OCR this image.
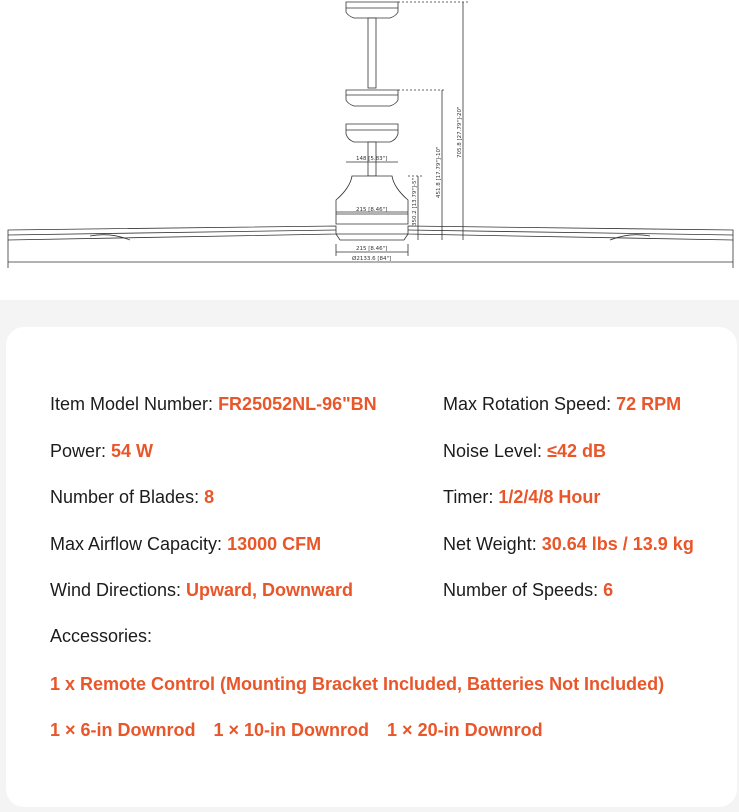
148 [5.83"]
215 [8.46"]
215 [8.46"]
Ø2133.6 [84"]
350.2 [13.79"]-5"
451.8 [17.79"]-10"
705.8 [27.79"]-20"
Item Model Number: FR25052NL-96"BN	Max Rotation Speed: 72 RPM
Power: 54 W	Noise Level: ≤42 dB
Number of Blades: 8	Timer: 1/2/4/8 Hour
Max Airflow Capacity: 13000 CFM	Net Weight: 30.64 lbs / 13.9 kg
Wind Directions: Upward, Downward	Number of Speeds: 6
Accessories:
1 x Remote Control (Mounting Bracket Included, Batteries Not Included)
1 × 6-in Downrod 1 × 10-in Downrod 1 × 20-in Downrod
